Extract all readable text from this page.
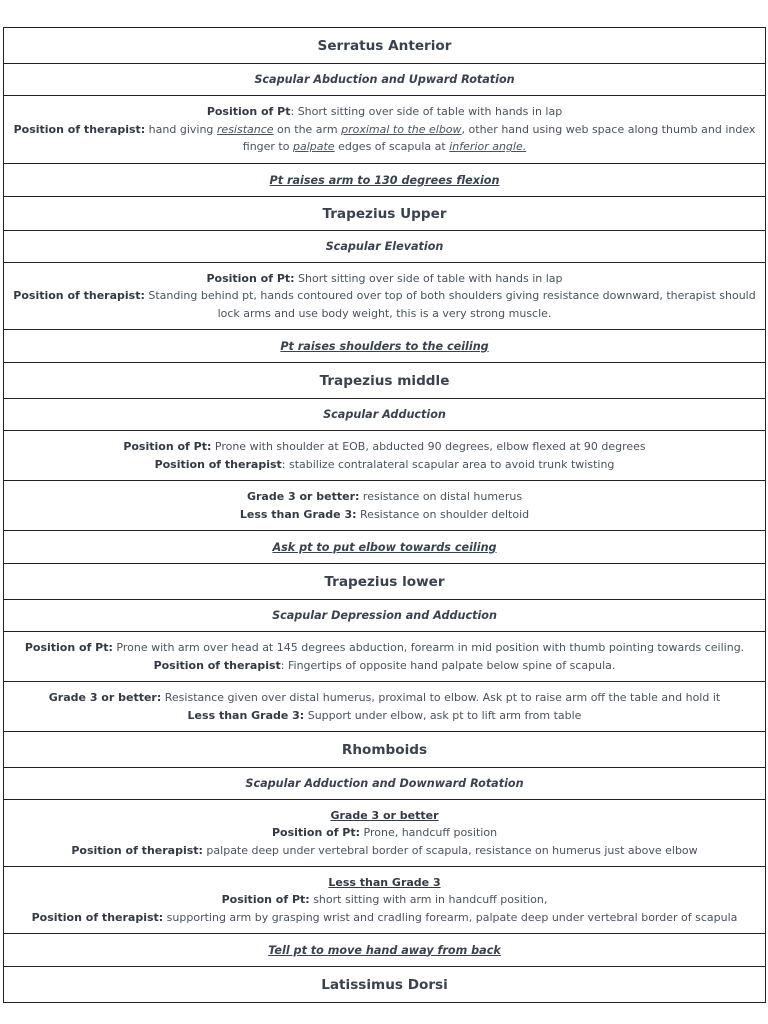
Serratus Anterior
Scapular Abduction and Upward Rotation
Position of Pt: Short sitting over side of table with hands in lap
Position of therapist: hand giving resistance on the arm proximal to the elbow, other hand using web space along thumb and index finger to palpate edges of scapula at inferior angle.
Pt raises arm to 130 degrees flexion
Trapezius Upper
Scapular Elevation
Position of Pt: Short sitting over side of table with hands in lap
Position of therapist: Standing behind pt, hands contoured over top of both shoulders giving resistance downward, therapist should lock arms and use body weight, this is a very strong muscle.
Pt raises shoulders to the ceiling
Trapezius middle
Scapular Adduction
Position of Pt: Prone with shoulder at EOB, abducted 90 degrees, elbow flexed at 90 degrees
Position of therapist: stabilize contralateral scapular area to avoid trunk twisting
Grade 3 or better: resistance on distal humerus
Less than Grade 3: Resistance on shoulder deltoid
Ask pt to put elbow towards ceiling
Trapezius lower
Scapular Depression and Adduction
Position of Pt: Prone with arm over head at 145 degrees abduction, forearm in mid position with thumb pointing towards ceiling.
Position of therapist: Fingertips of opposite hand palpate below spine of scapula.
Grade 3 or better: Resistance given over distal humerus, proximal to elbow. Ask pt to raise arm off the table and hold it
Less than Grade 3: Support under elbow, ask pt to lift arm from table
Rhomboids
Scapular Adduction and Downward Rotation
Grade 3 or better
Position of Pt: Prone, handcuff position
Position of therapist: palpate deep under vertebral border of scapula, resistance on humerus just above elbow
Less than Grade 3
Position of Pt: short sitting with arm in handcuff position,
Position of therapist: supporting arm by grasping wrist and cradling forearm, palpate deep under vertebral border of scapula
Tell pt to move hand away from back
Latissimus Dorsi
